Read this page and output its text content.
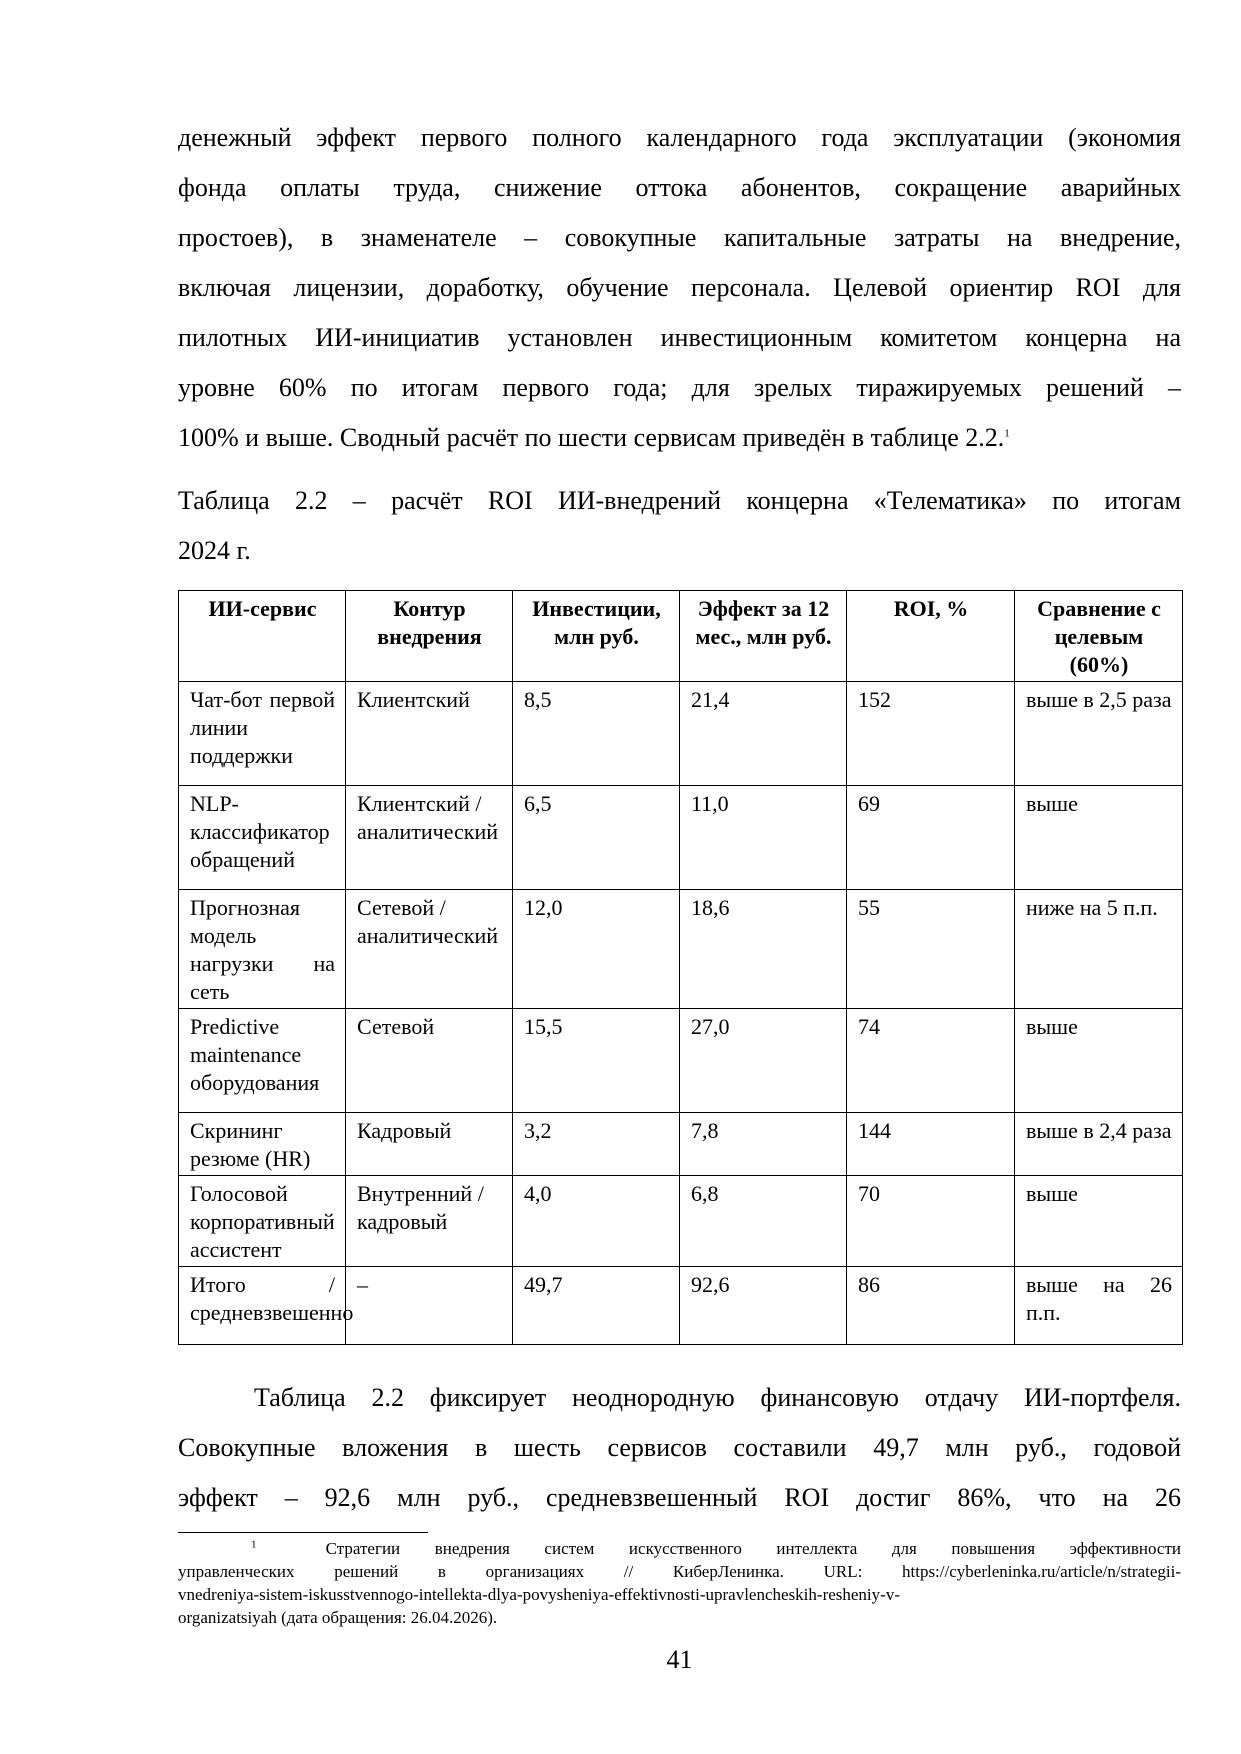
денежный эффект первого полного календарного года эксплуатации (экономия
фонда оплаты труда, снижение оттока абонентов, сокращение аварийных
простоев), в знаменателе – совокупные капитальные затраты на внедрение,
включая лицензии, доработку, обучение персонала. Целевой ориентир ROI для
пилотных ИИ-инициатив установлен инвестиционным комитетом концерна на
уровне 60% по итогам первого года; для зрелых тиражируемых решений –
100% и выше. Сводный расчёт по шести сервисам приведён в таблице 2.2.$^1$
Таблица 2.2 – расчёт ROI ИИ-внедрений концерна «Телематика» по итогам
2024 г.
ИИ-сервис	Контур внедрения	Инвестиции, млн руб.	Эффект за 12 мес., млн руб.	ROI, %	Сравнение с целевым (60%)
Чат-бот первой линии поддержки	Клиентский	8,5	21,4	152	выше в 2,5 раза
NLP-классификатор обращений	Клиентский / аналитический	6,5	11,0	69	выше
Прогнозная модель нагрузки на сеть	Сетевой / аналитический	12,0	18,6	55	ниже на 5 п.п.
Predictive maintenance оборудования	Сетевой	15,5	27,0	74	выше
Скрининг резюме (HR)	Кадровый	3,2	7,8	144	выше в 2,4 раза
Голосовой корпоративный ассистент	Внутренний / кадровый	4,0	6,8	70	выше
Итого / средневзвешенно	–	49,7	92,6	86	выше на 26 п.п.
Таблица 2.2 фиксирует неоднородную финансовую отдачу ИИ-портфеля.
Совокупные вложения в шесть сервисов составили 49,7 млн руб., годовой
эффект – 92,6 млн руб., средневзвешенный ROI достиг 86%, что на 26
$^1$	Стратегии внедрения систем искусственного интеллекта для повышения эффективности
управленческих решений в организациях // КиберЛенинка. URL: https://cyberleninka.ru/article/n/strategii-
vnedreniya-sistem-iskusstvennogo-intellekta-dlya-povysheniya-effektivnosti-upravlencheskih-resheniy-v-
organizatsiyah (дата обращения: 26.04.2026).
41
